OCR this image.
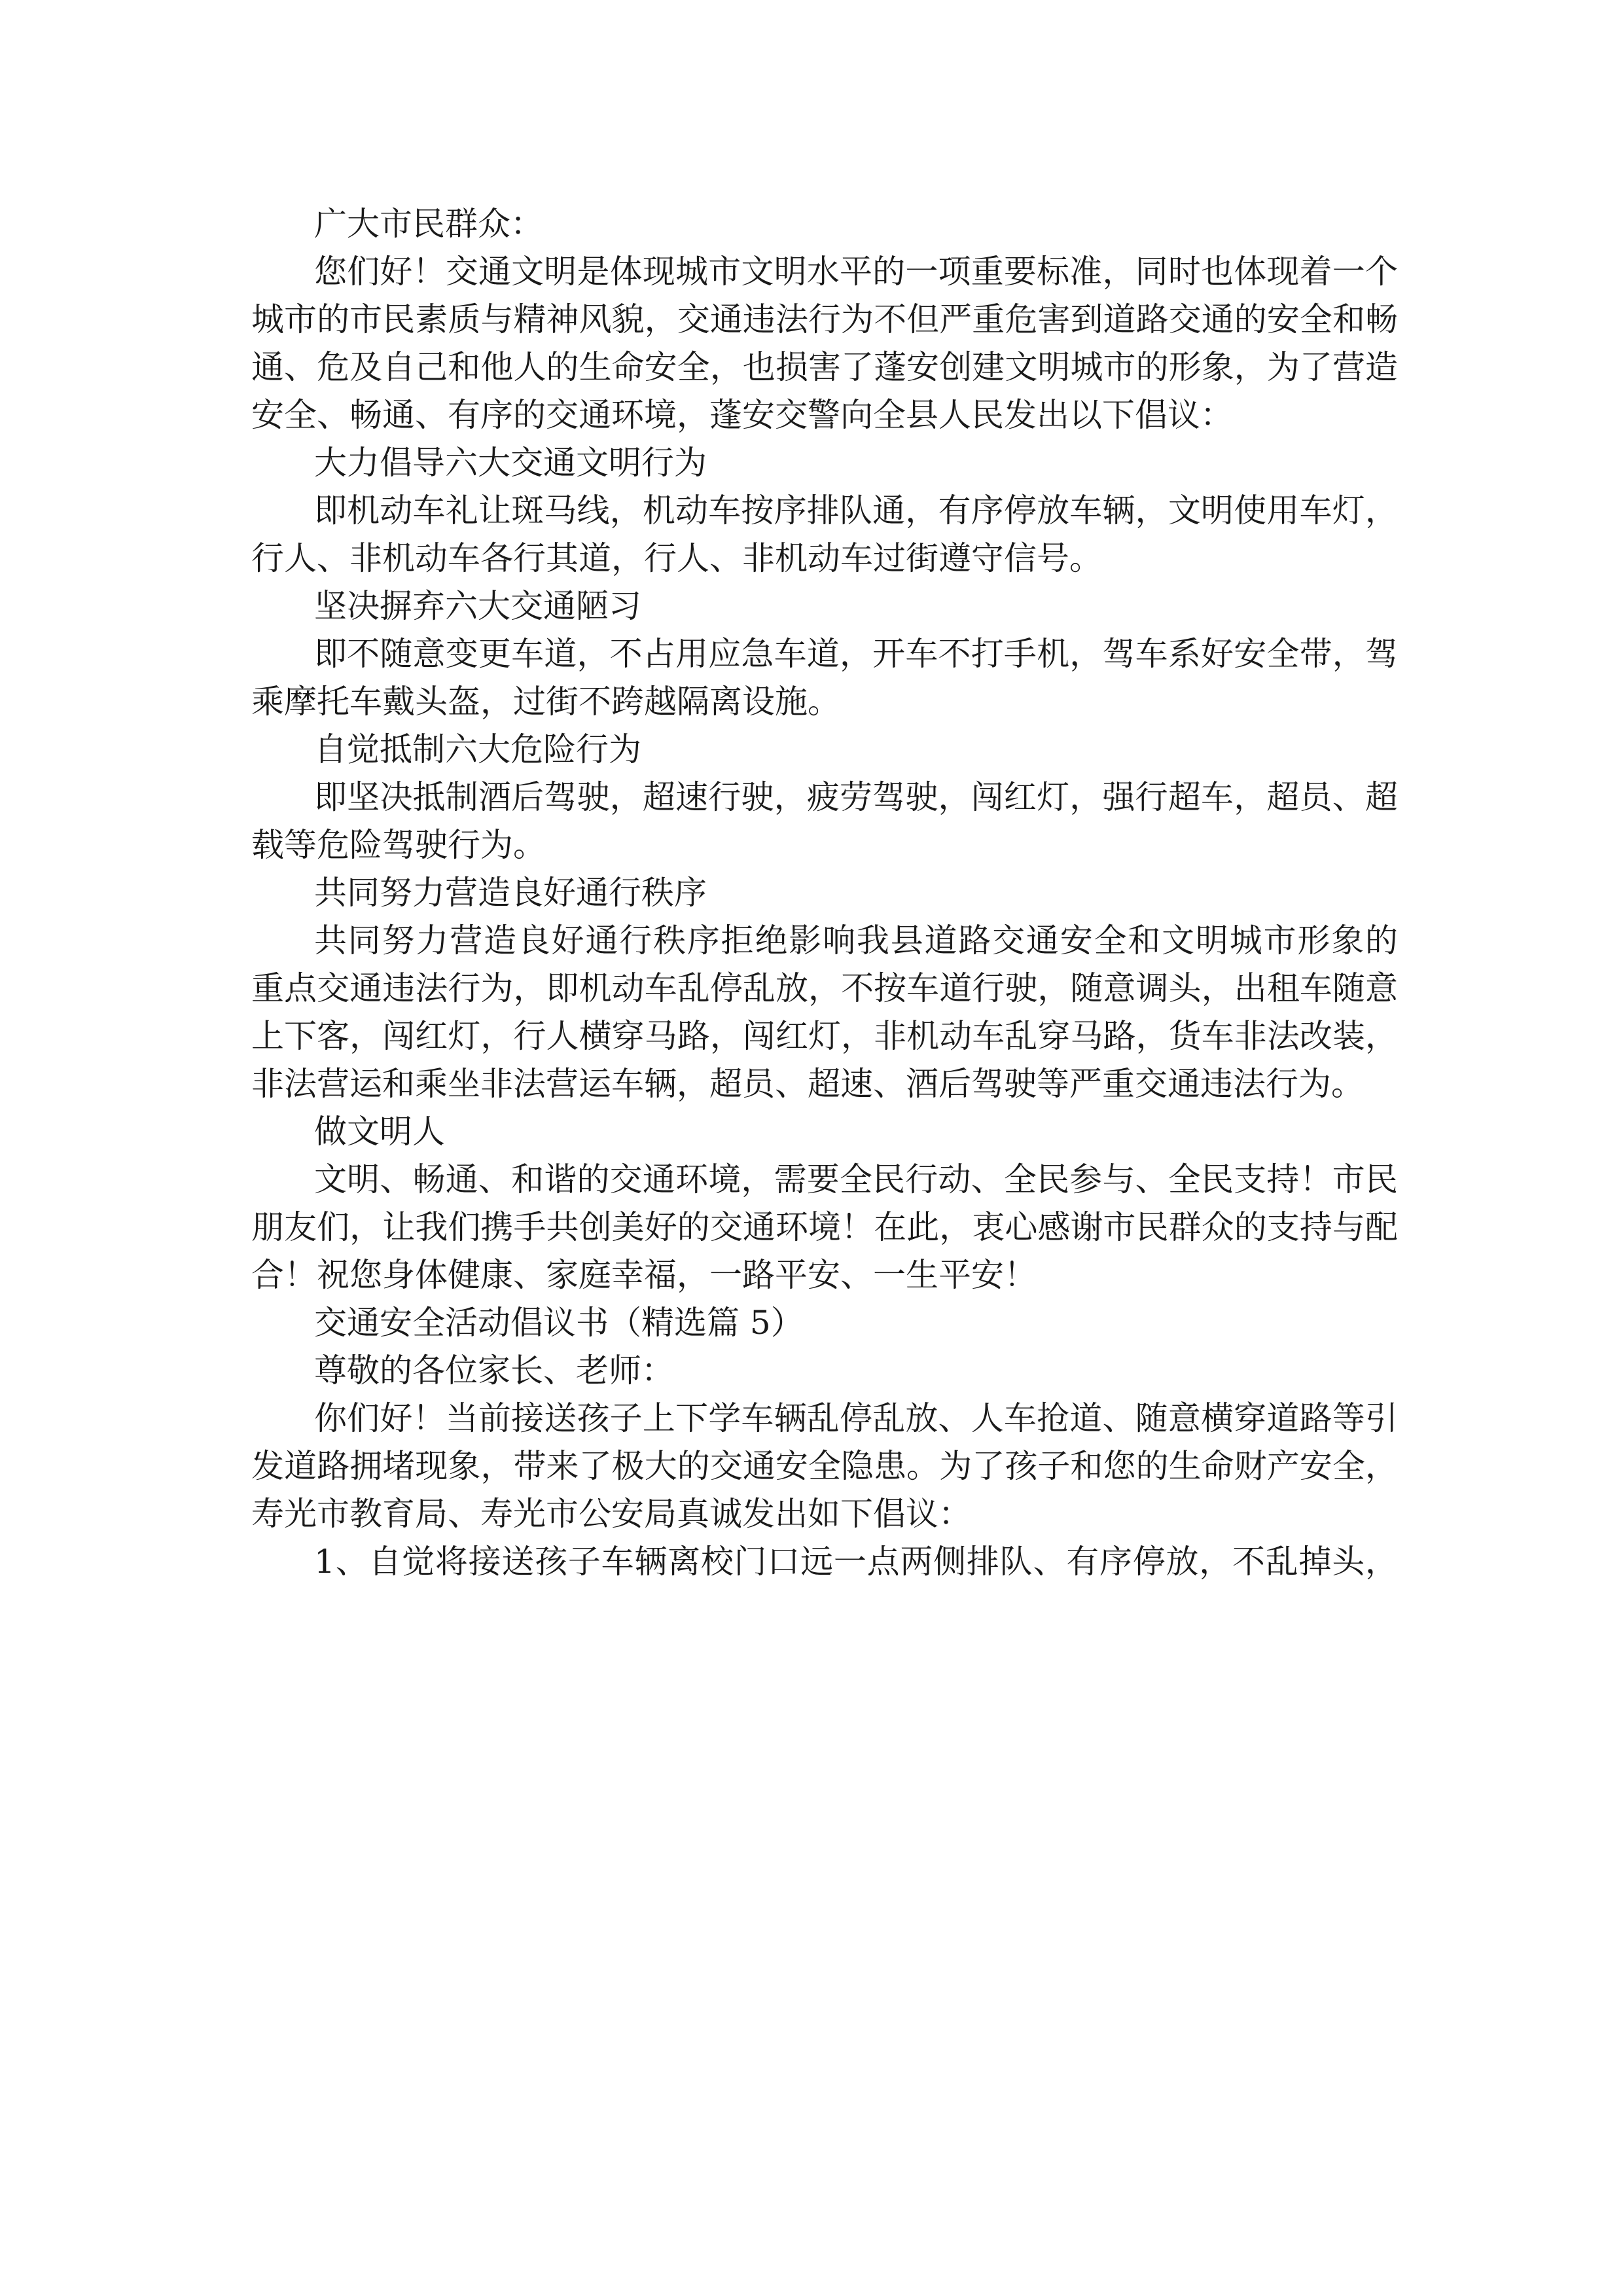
广大市民群众：

您们好！交通文明是体现城市文明水平的一项重要标准，同时也体现着一个

城市的市民素质与精神风貌，交通违法行为不但严重危害到道路交通的安全和畅

通、危及自己和他人的生命安全，也损害了蓬安创建文明城市的形象，为了营造

安全、畅通、有序的交通环境，蓬安交警向全县人民发出以下倡议：

大力倡导六大交通文明行为

即机动车礼让斑马线，机动车按序排队通，有序停放车辆，文明使用车灯，

行人、非机动车各行其道，行人、非机动车过街遵守信号。

坚决摒弃六大交通陋习

即不随意变更车道，不占用应急车道，开车不打手机，驾车系好安全带，驾

乘摩托车戴头盔，过街不跨越隔离设施。

自觉抵制六大危险行为

即坚决抵制酒后驾驶，超速行驶，疲劳驾驶，闯红灯，强行超车，超员、超

载等危险驾驶行为。

共同努力营造良好通行秩序

共同努力营造良好通行秩序拒绝影响我县道路交通安全和文明城市形象的

重点交通违法行为，即机动车乱停乱放，不按车道行驶，随意调头，出租车随意

上下客，闯红灯，行人横穿马路，闯红灯，非机动车乱穿马路，货车非法改装，

非法营运和乘坐非法营运车辆，超员、超速、酒后驾驶等严重交通违法行为。

做文明人

文明、畅通、和谐的交通环境，需要全民行动、全民参与、全民支持！市民

朋友们，让我们携手共创美好的交通环境！在此，衷心感谢市民群众的支持与配

合！祝您身体健康、家庭幸福，一路平安、一生平安！

交通安全活动倡议书（精选篇 5）

尊敬的各位家长、老师：

你们好！当前接送孩子上下学车辆乱停乱放、人车抢道、随意横穿道路等引

发道路拥堵现象，带来了极大的交通安全隐患。为了孩子和您的生命财产安全，

寿光市教育局、寿光市公安局真诚发出如下倡议：

1、自觉将接送孩子车辆离校门口远一点两侧排队、有序停放，不乱掉头，
